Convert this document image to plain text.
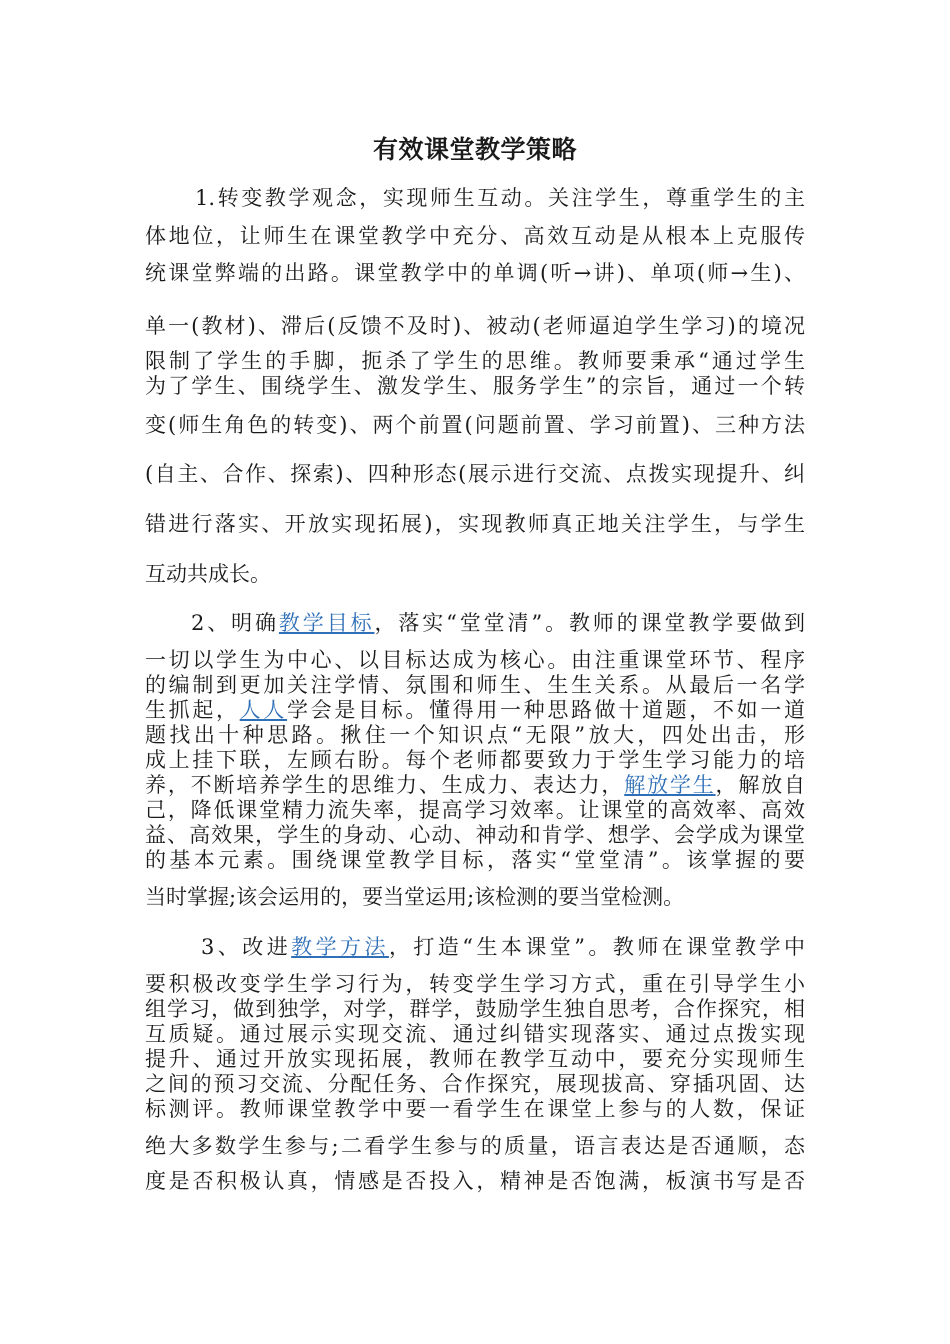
有效课堂教学策略
1.转变教学观念，实现师生互动。关注学生，尊重学生的主
体地位，让师生在课堂教学中充分、高效互动是从根本上克服传
统课堂弊端的出路。课堂教学中的单调(听→讲)、单项(师→生)、
单一(教材)、滞后(反馈不及时)、被动(老师逼迫学生学习)的境况
限制了学生的手脚，扼杀了学生的思维。教师要秉承“通过学生
为了学生、围绕学生、激发学生、服务学生”的宗旨，通过一个转
变(师生角色的转变)、两个前置(问题前置、学习前置)、三种方法
(自主、合作、探索)、四种形态(展示进行交流、点拨实现提升、纠
错进行落实、开放实现拓展)，实现教师真正地关注学生，与学生
互动共成长。
2、明确教学目标，落实“堂堂清”。教师的课堂教学要做到
一切以学生为中心、以目标达成为核心。由注重课堂环节、程序
的编制到更加关注学情、氛围和师生、生生关系。从最后一名学
生抓起，人人学会是目标。懂得用一种思路做十道题，不如一道
题找出十种思路。揪住一个知识点“无限”放大，四处出击，形
成上挂下联，左顾右盼。每个老师都要致力于学生学习能力的培
养，不断培养学生的思维力、生成力、表达力，解放学生，解放自
己，降低课堂精力流失率，提高学习效率。让课堂的高效率、高效
益、高效果，学生的身动、心动、神动和肯学、想学、会学成为课堂
的基本元素。围绕课堂教学目标，落实“堂堂清”。该掌握的要
当时掌握;该会运用的，要当堂运用;该检测的要当堂检测。
3、改进教学方法，打造“生本课堂”。教师在课堂教学中
要积极改变学生学习行为，转变学生学习方式，重在引导学生小
组学习，做到独学，对学，群学，鼓励学生独自思考，合作探究，相
互质疑。通过展示实现交流、通过纠错实现落实、通过点拨实现
提升、通过开放实现拓展，教师在教学互动中，要充分实现师生
之间的预习交流、分配任务、合作探究，展现拔高、穿插巩固、达
标测评。教师课堂教学中要一看学生在课堂上参与的人数，保证
绝大多数学生参与;二看学生参与的质量，语言表达是否通顺，态
度是否积极认真，情感是否投入，精神是否饱满，板演书写是否
